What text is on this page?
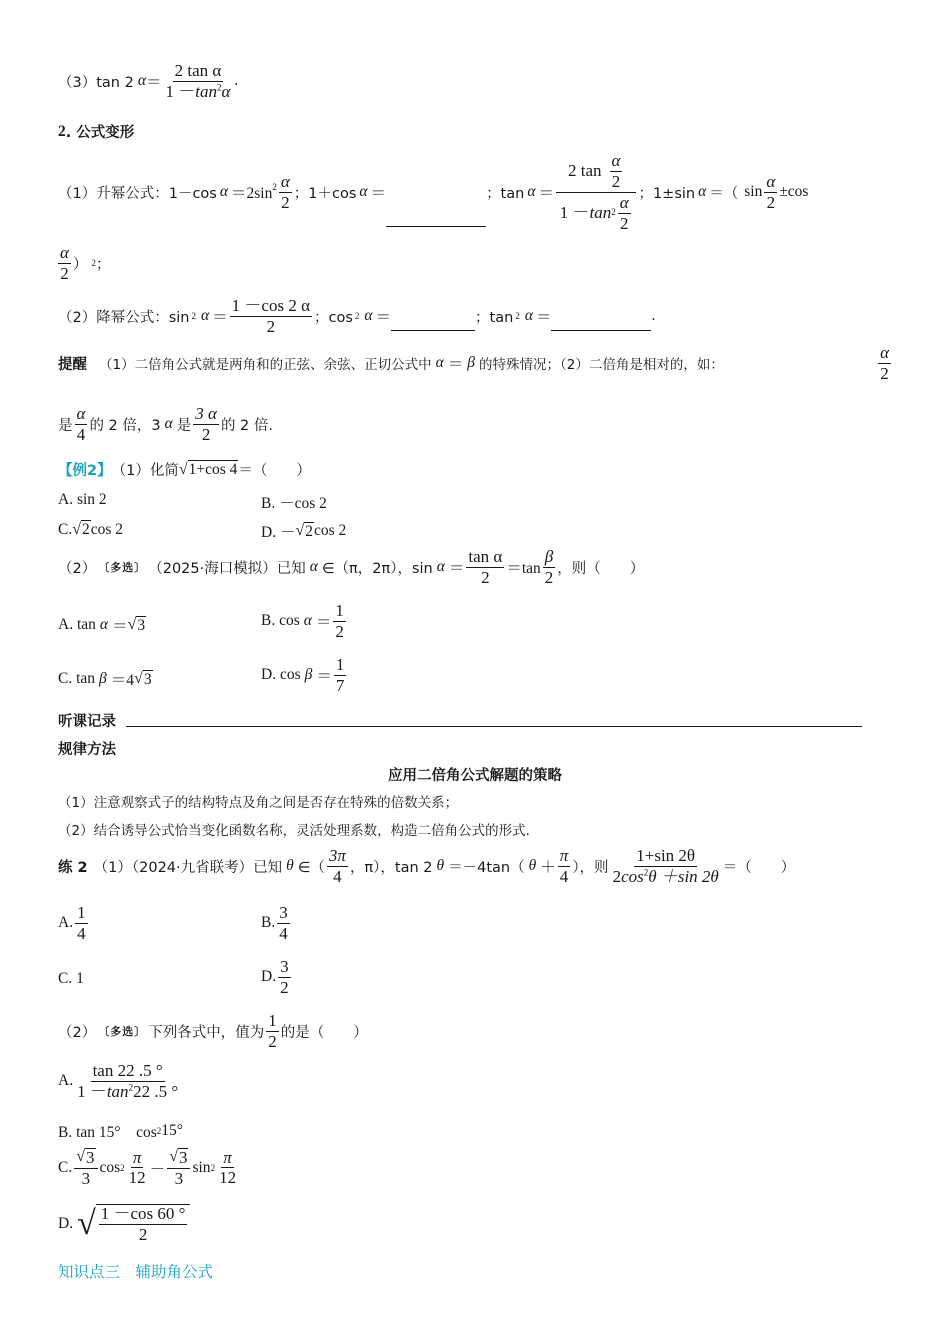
（3）tan 2 $\alpha = \frac{\text{2 tan α}}{1 -\tan^2\alpha}$ .
2 . 公式变形
（1）升幂公式：1－cos α ＝2sin $2 \frac{\alpha}{2}$ ；1＋cos α ＝	；$\tan \alpha = \frac{2 \tan \frac{\alpha}{2}}{1 - \tan 2 \frac{\alpha}{2}}$ ；1±sin α ＝（ $\sin \frac{\alpha}{2} \pm\cos$
$\frac{\alpha}{2}$ ） 2 ；
（2）降幂公式：sin 2 $\alpha = \frac{1 -\cos 2 \alpha}{2}$ ；cos 2 α ＝	；tan 2 α ＝	.
提醒 （1）二倍角公式就是两角和的正弦、余弦、正切公式中 α ＝ β 的特殊情况；（2）二倍角是相对的，如：	$\frac{\alpha}{2}$
是 $\frac{\alpha}{4}$ 的 2 倍，3 α 是 $\frac{3 \alpha}{2}$ 的 2 倍.
【例2】 （1）化简 √ 1+cos 4 ＝（　　）
A. sin 2	B. －cos 2
C. √ 2 cos 2	D. － √ 2 cos 2
（2） 〔多选〕 （2025·海口模拟）已知 α ∈（π，2π），$\sin \alpha = \frac{\text{tan α}}{2} =\tan \frac{\beta}{2}$ ，则（　　）
A. tan α ＝ √ 3	B. $\cos \alpha = \frac{1}{2}$
C. tan β ＝4 √ 3	D. $\cos \beta = \frac{1}{7}$
听课记录
规律方法
应用二倍角公式解题的策略
（1）注意观察式子的结构特点及角之间是否存在特殊的倍数关系；
（2）结合诱导公式恰当变化函数名称，灵活处理系数，构造二倍角公式的形式.
练 2 （1）（2024·九省联考）已知 θ ∈（ $\frac{3\pi}{4}$ ，π），tan 2 θ ＝－4tan（ $\theta + \frac{\pi}{4}$ ），则 $\frac{1+\sin 2\theta}{2\cos^2\theta +\sin 2\theta}$ ＝（　　）
A. $\frac{1}{4}$	B. $\frac{3}{4}$
C. 1	D. $\frac{3}{2}$
（2） 〔多选〕 下列各式中，值为 $\frac{1}{2}$ 的是（　　）
A. $\frac{\tan 22 .5 ^\circ}{1 -\tan^222 .5 ^\circ}$
B. tan 15°　cos 2 15°
C. $\frac{√ 3}{3}$ $\cos 2 \frac{\pi}{12} - \frac{√ 3}{3}$ $\sin 2 \frac{\pi}{12}$
D. √ $\frac{1 -\cos 60 ^\circ}{2}$
知识点三　辅助角公式
